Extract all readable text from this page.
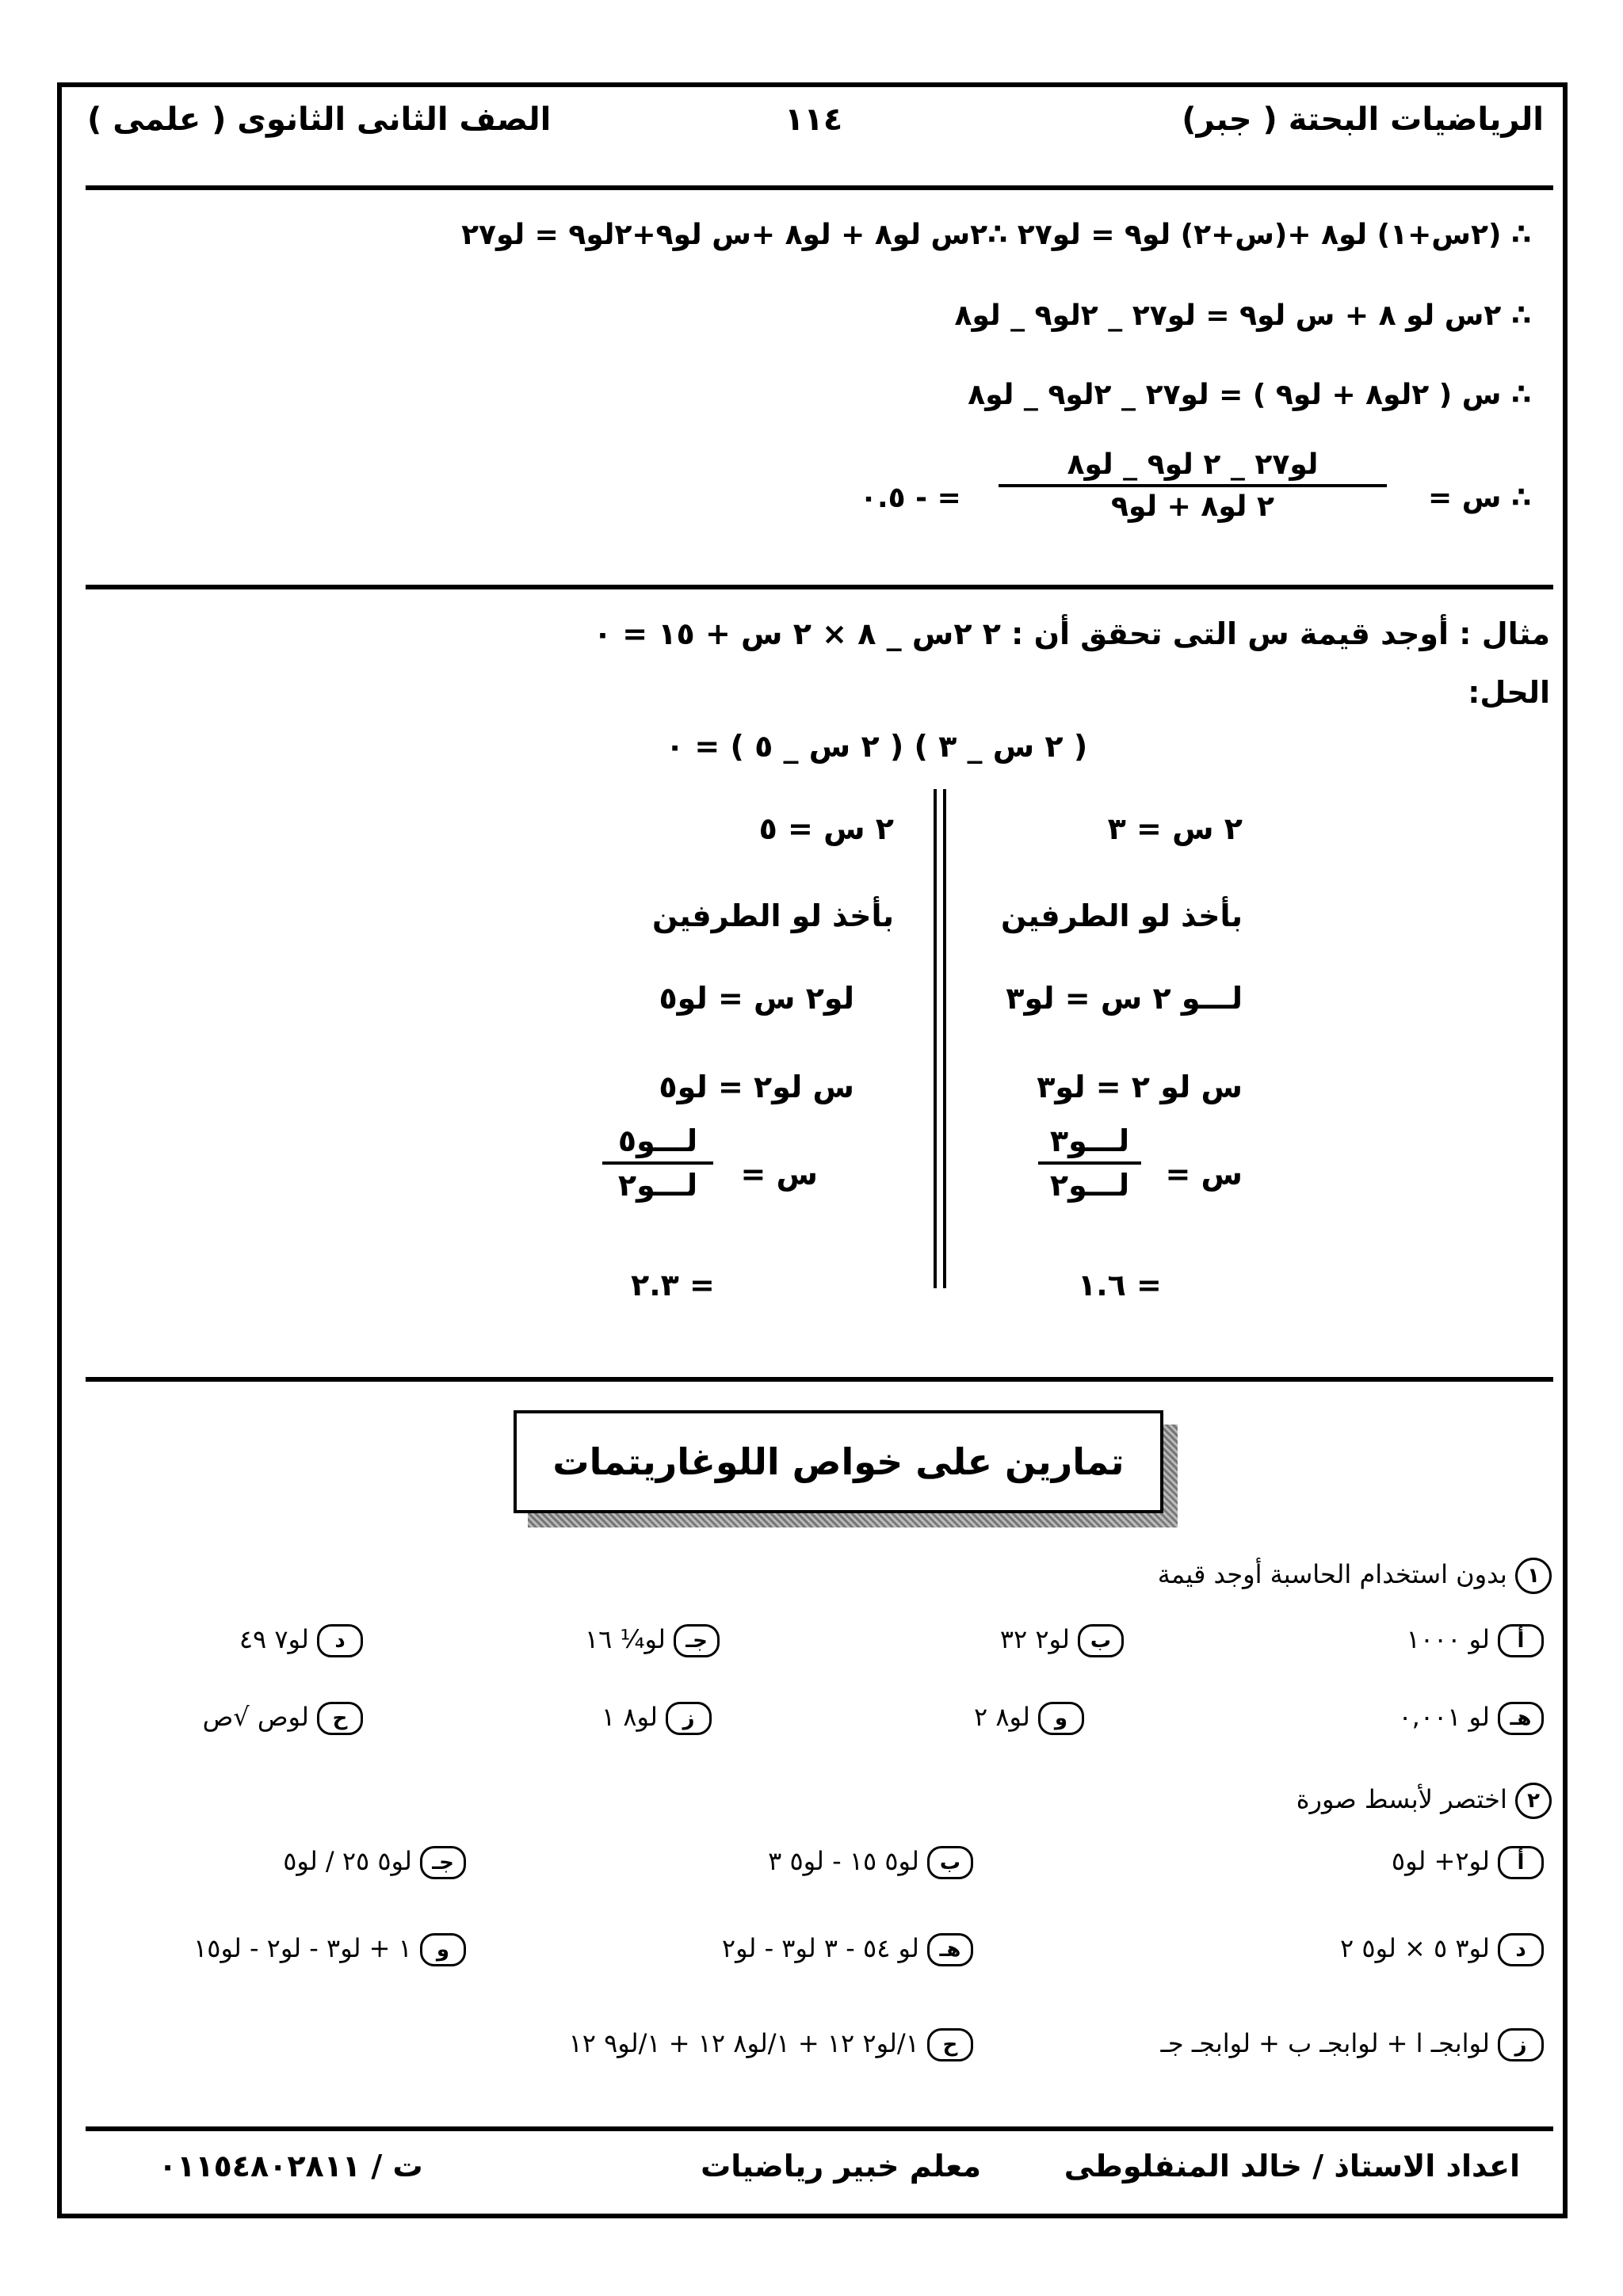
الرياضيات البحتة ( جبر)
١١٤
الصف الثانى الثانوى ( علمى )
∴ (٢س+١) لو٨ +(س+٢) لو٩ = لو٢٧ ∴٢س لو٨ + لو٨ +س لو٩+٢لو٩ = لو٢٧
∴ ٢س لو ٨ + س لو٩ = لو٢٧ _ ٢لو٩ _ لو٨
∴ س ( ٢لو٨ + لو٩ ) = لو٢٧ _ ٢لو٩ _ لو٨
∴ س =
لو٢٧ _ ٢ لو٩ _ لو٨
٢ لو٨ + لو٩
= - ٠.٥
مثال : أوجد قيمة س التى تحقق أن : ٢ ٢س _ ٨ × ٢ س + ١٥ = ٠
الحل:
( ٢ س _ ٣ ) ( ٢ س _ ٥ ) = ٠
٢ س = ٣
بأخذ لو الطرفين
لـــو ٢ س = لو٣
س لو ٢ = لو٣
س =
لـــو٣
لـــو٢
= ١.٦
٢ س = ٥
بأخذ لو الطرفين
لو٢ س = لو٥
س لو٢ = لو٥
س =
لـــو٥
لـــو٢
= ٢.٣
تمارين على خواص اللوغاريتمات
١ بدون استخدام الحاسبة أوجد قيمة
أ لو ١٠٠٠
ب لو٢ ٣٢
جـ لو¼ ١٦
د لو٧ ٤٩
هـ لو ٠,٠٠١
و لو٨ ٢
ز لو٨ ١
ح لوص √ص
٢ اختصر لأبسط صورة
أ لو٢+ لو٥
ب لو٥ ١٥ - لو٥ ٣
جـ لو٥ ٢٥ / لو٥
د لو٣ ٥ × لو٥ ٢
هـ لو ٥٤ - ٣ لو٣ - لو٢
و ١ + لو٣ - لو٢ - لو١٥
ز لوابجـ ا + لوابجـ ب + لوابجـ جـ
ح ١/لو٢ ١٢ + ١/لو٨ ١٢ + ١/لو٩ ١٢
اعداد الاستاذ / خالد المنفلوطى
معلم خبير رياضيات
ت / ٠١١٥٤٨٠٢٨١١
